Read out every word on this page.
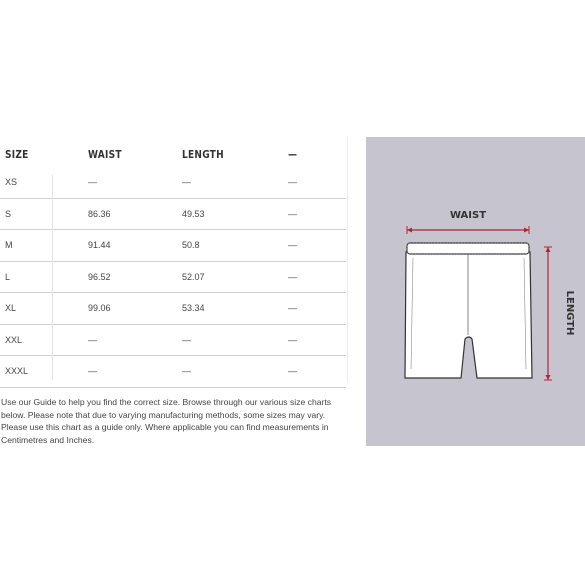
SIZE	WAIST	LENGTH	—
XS	—	—	—
S	86.36	49.53	—
M	91.44	50.8	—
L	96.52	52.07	—
XL	99.06	53.34	—
XXL	—	—	—
XXXL	—	—	—
Use our Guide to help you find the correct size. Browse through our various size charts below. Please note that due to varying manufacturing methods, some sizes may vary. Please use this chart as a guide only. Where applicable you can find measurements in Centimetres and Inches.
WAIST
LENGTH
